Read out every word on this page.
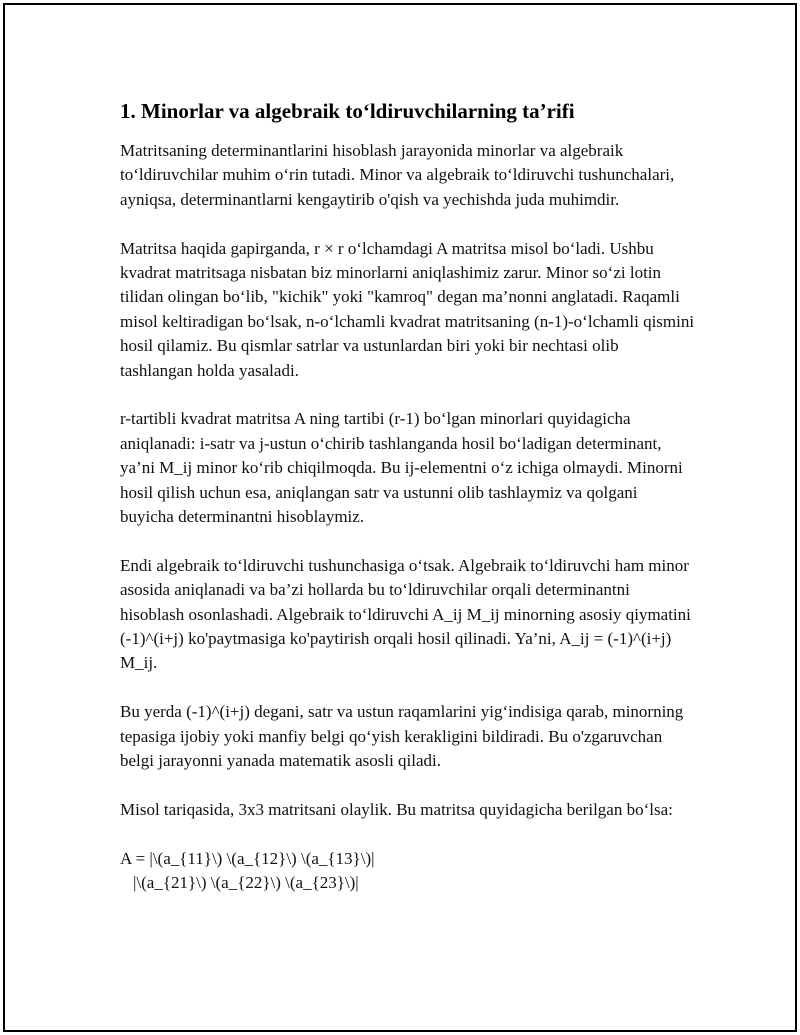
1. Minorlar va algebraik to‘ldiruvchilarning ta’rifi

Matritsaning determinantlarini hisoblash jarayonida minorlar va algebraik to‘ldiruvchilar muhim o‘rin tutadi. Minor va algebraik to‘ldiruvchi tushunchalari, ayniqsa, determinantlarni kengaytirib o'qish va yechishda juda muhimdir.

Matritsa haqida gapirganda, r × r o‘lchamdagi A matritsa misol bo‘ladi. Ushbu kvadrat matritsaga nisbatan biz minorlarni aniqlashimiz zarur. Minor so‘zi lotin tilidan olingan bo‘lib, "kichik" yoki "kamroq" degan ma’nonni anglatadi. Raqamli misol keltiradigan bo‘lsak, n-o‘lchamli kvadrat matritsaning (n-1)-o‘lchamli qismini hosil qilamiz. Bu qismlar satrlar va ustunlardan biri yoki bir nechtasi olib tashlangan holda yasaladi.

r-tartibli kvadrat matritsa A ning tartibi (r-1) bo‘lgan minorlari quyidagicha aniqlanadi: i-satr va j-ustun o‘chirib tashlanganda hosil bo‘ladigan determinant, ya’ni M_ij minor ko‘rib chiqilmoqda. Bu ij-elementni o‘z ichiga olmaydi. Minorni hosil qilish uchun esa, aniqlangan satr va ustunni olib tashlaymiz va qolgani buyicha determinantni hisoblaymiz.

Endi algebraik to‘ldiruvchi tushunchasiga o‘tsak. Algebraik to‘ldiruvchi ham minor asosida aniqlanadi va ba’zi hollarda bu to‘ldiruvchilar orqali determinantni hisoblash osonlashadi. Algebraik to‘ldiruvchi A_ij M_ij minorning asosiy qiymatini (-1)^(i+j) ko'paytmasiga ko'paytirish orqali hosil qilinadi. Ya’ni, A_ij = (-1)^(i+j) M_ij.

Bu yerda (-1)^(i+j) degani, satr va ustun raqamlarini yig‘indisiga qarab, minorning tepasiga ijobiy yoki manfiy belgi qo‘yish kerakligini bildiradi. Bu o'zgaruvchan belgi jarayonni yanada matematik asosli qiladi.

Misol tariqasida, 3x3 matritsani olaylik. Bu matritsa quyidagicha berilgan bo‘lsa:

A = |\(a_{11}\) \(a_{12}\) \(a_{13}\)|

|\(a_{21}\) \(a_{22}\) \(a_{23}\)|
